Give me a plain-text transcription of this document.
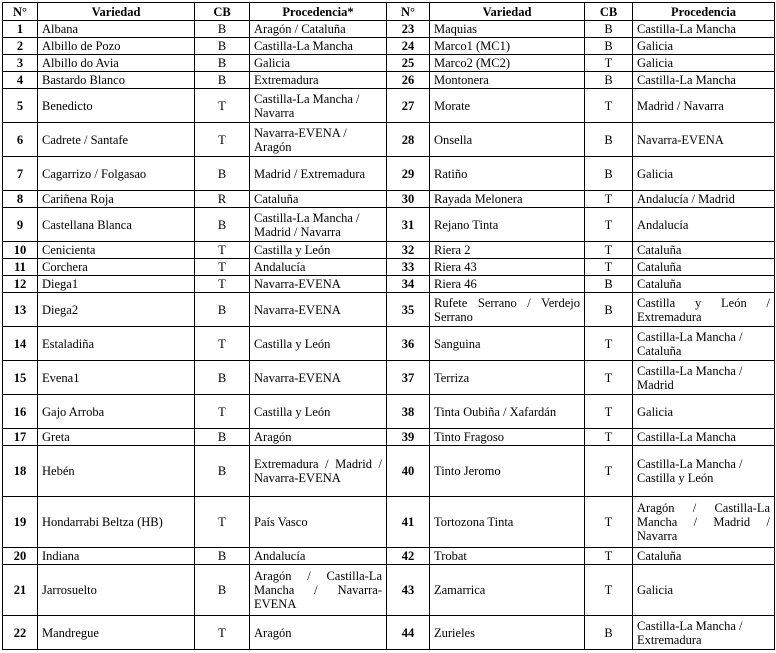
N°	Variedad	CB	Procedencia*	N°	Variedad	CB	Procedencia
1	Albana	B	Aragón / Cataluña	23	Maquias	B	Castilla-La Mancha
2	Albillo de Pozo	B	Castilla-La Mancha	24	Marco1 (MC1)	B	Galicia
3	Albillo do Avia	B	Galicia	25	Marco2 (MC2)	T	Galicia
4	Bastardo Blanco	B	Extremadura	26	Montonera	B	Castilla-La Mancha
5	Benedicto	T	Castilla-La Mancha / Navarra	27	Morate	T	Madrid / Navarra
6	Cadrete / Santafe	T	Navarra-EVENA / Aragón	28	Onsella	B	Navarra-EVENA
7	Cagarrizo / Folgasao	B	Madrid / Extremadura	29	Ratiño	B	Galicia
8	Cariñena Roja	R	Cataluña	30	Rayada Melonera	T	Andalucía / Madrid
9	Castellana Blanca	B	Castilla-La Mancha / Madrid / Navarra	31	Rejano Tinta	T	Andalucía
10	Cenicienta	T	Castilla y León	32	Riera 2	T	Cataluña
11	Corchera	T	Andalucía	33	Riera 43	T	Cataluña
12	Diega1	T	Navarra-EVENA	34	Riera 46	B	Cataluña
13	Diega2	B	Navarra-EVENA	35	Rufete Serrano / Verdejo Serrano	B	Castilla y León / Extremadura
14	Estaladiña	T	Castilla y León	36	Sanguina	T	Castilla-La Mancha / Cataluña
15	Evena1	B	Navarra-EVENA	37	Terriza	T	Castilla-La Mancha / Madrid
16	Gajo Arroba	T	Castilla y León	38	Tinta Oubiña / Xafardán	T	Galicia
17	Greta	B	Aragón	39	Tinto Fragoso	T	Castilla-La Mancha
18	Hebén	B	Extremadura / Madrid / Navarra-EVENA	40	Tinto Jeromo	T	Castilla-La Mancha / Castilla y León
19	Hondarrabi Beltza (HB)	T	País Vasco	41	Tortozona Tinta	T	Aragón / Castilla-La Mancha / Madrid / Navarra
20	Indiana	B	Andalucía	42	Trobat	T	Cataluña
21	Jarrosuelto	B	Aragón / Castilla-La Mancha / Navarra-EVENA	43	Zamarrica	T	Galicia
22	Mandregue	T	Aragón	44	Zurieles	B	Castilla-La Mancha / Extremadura
